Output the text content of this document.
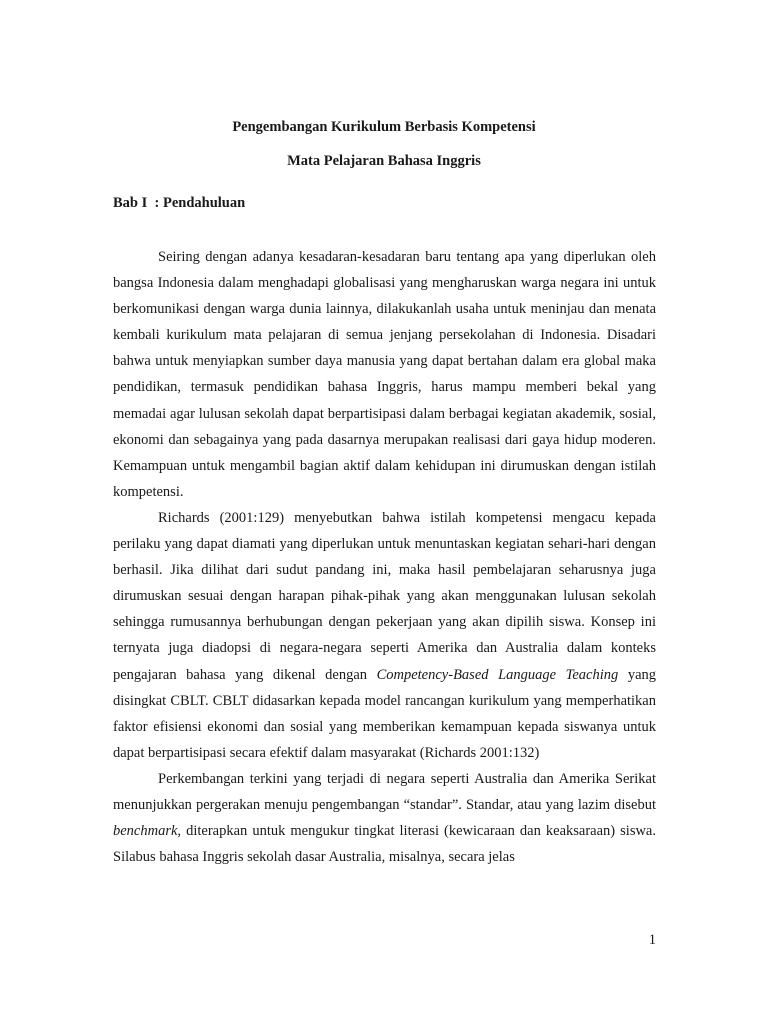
Pengembangan Kurikulum Berbasis Kompetensi
Mata Pelajaran Bahasa Inggris
Bab I  : Pendahuluan

Seiring dengan adanya kesadaran-kesadaran baru tentang apa yang diperlukan oleh bangsa Indonesia dalam menghadapi globalisasi yang mengharuskan warga negara ini untuk berkomunikasi dengan warga dunia lainnya, dilakukanlah usaha untuk meninjau dan menata kembali kurikulum mata pelajaran di semua jenjang persekolahan di Indonesia. Disadari bahwa untuk menyiapkan sumber daya manusia yang dapat bertahan dalam era global maka pendidikan, termasuk pendidikan bahasa Inggris, harus mampu memberi bekal yang memadai agar lulusan sekolah dapat berpartisipasi dalam berbagai kegiatan akademik, sosial, ekonomi dan sebagainya yang pada dasarnya merupakan realisasi dari gaya hidup moderen. Kemampuan untuk mengambil bagian aktif dalam kehidupan ini dirumuskan dengan istilah kompetensi.

Richards (2001:129) menyebutkan bahwa istilah kompetensi mengacu kepada perilaku yang dapat diamati yang diperlukan untuk menuntaskan kegiatan sehari-hari dengan berhasil. Jika dilihat dari sudut pandang ini, maka hasil pembelajaran seharusnya juga dirumuskan sesuai dengan harapan pihak-pihak yang akan menggunakan lulusan sekolah sehingga rumusannya berhubungan dengan pekerjaan yang akan dipilih siswa. Konsep ini ternyata juga diadopsi di negara-negara seperti Amerika dan Australia dalam konteks pengajaran bahasa yang dikenal dengan Competency-Based Language Teaching yang disingkat CBLT. CBLT didasarkan kepada model rancangan kurikulum yang memperhatikan faktor efisiensi ekonomi dan sosial yang memberikan kemampuan kepada siswanya untuk dapat berpartisipasi secara efektif dalam masyarakat (Richards 2001:132)

Perkembangan terkini yang terjadi di negara seperti Australia dan Amerika Serikat menunjukkan pergerakan menuju pengembangan “standar”. Standar, atau yang lazim disebut benchmark, diterapkan untuk mengukur tingkat literasi (kewicaraan dan keaksaraan) siswa. Silabus bahasa Inggris sekolah dasar Australia, misalnya, secara jelas

1
